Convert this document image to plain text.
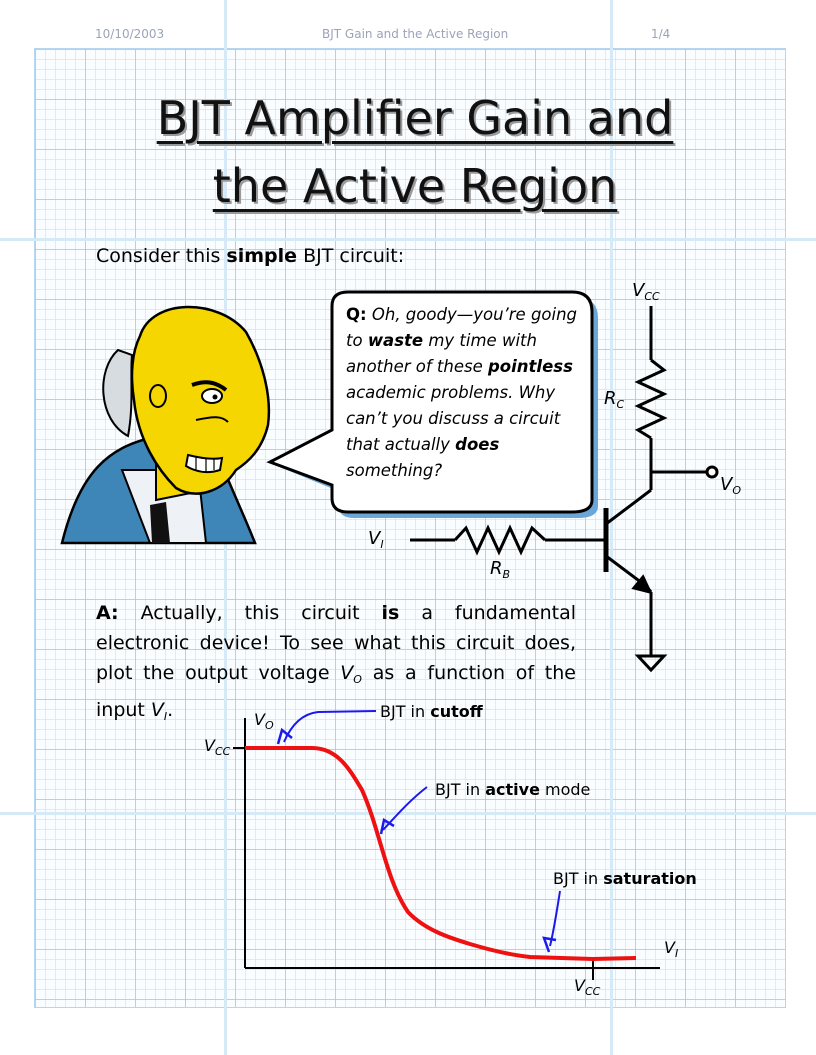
10/10/2003	BJT Gain and the Active Region	1/4
BJT Amplifier Gain and
the Active Region
Consider this simple BJT circuit:
Q: Oh, goody—you’re going to waste my time with another of these pointless academic problems. Why can’t you discuss a circuit that actually does something?
$V_{CC}$
$R_C$
$V_O$
$V_I$
$R_B$
A: Actually, this circuit is a fundamental electronic device! To see what this circuit does, plot the output voltage $V_O$ as a function of the input $V_I$.	$V_O$
$V_I$
$V_{CC}$
$V_{CC}$
BJT in cutoff
BJT in active mode
BJT in saturation
